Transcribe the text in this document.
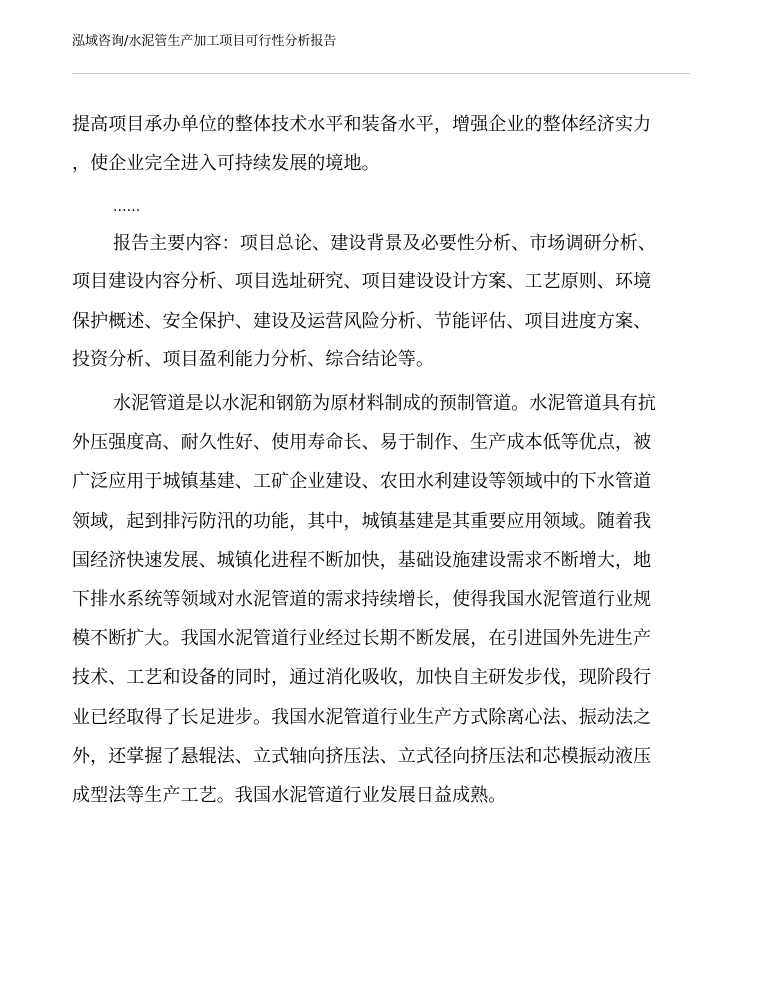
泓域咨询/水泥管生产加工项目可行性分析报告
提高项目承办单位的整体技术水平和装备水平，增强企业的整体经济实力
，使企业完全进入可持续发展的境地。
......
报告主要内容：项目总论、建设背景及必要性分析、市场调研分析、
项目建设内容分析、项目选址研究、项目建设设计方案、工艺原则、环境
保护概述、安全保护、建设及运营风险分析、节能评估、项目进度方案、
投资分析、项目盈利能力分析、综合结论等。
水泥管道是以水泥和钢筋为原材料制成的预制管道。水泥管道具有抗
外压强度高、耐久性好、使用寿命长、易于制作、生产成本低等优点，被
广泛应用于城镇基建、工矿企业建设、农田水利建设等领域中的下水管道
领域，起到排污防汛的功能，其中，城镇基建是其重要应用领域。随着我
国经济快速发展、城镇化进程不断加快，基础设施建设需求不断增大，地
下排水系统等领域对水泥管道的需求持续增长，使得我国水泥管道行业规
模不断扩大。我国水泥管道行业经过长期不断发展，在引进国外先进生产
技术、工艺和设备的同时，通过消化吸收，加快自主研发步伐，现阶段行
业已经取得了长足进步。我国水泥管道行业生产方式除离心法、振动法之
外，还掌握了悬辊法、立式轴向挤压法、立式径向挤压法和芯模振动液压
成型法等生产工艺。我国水泥管道行业发展日益成熟。
